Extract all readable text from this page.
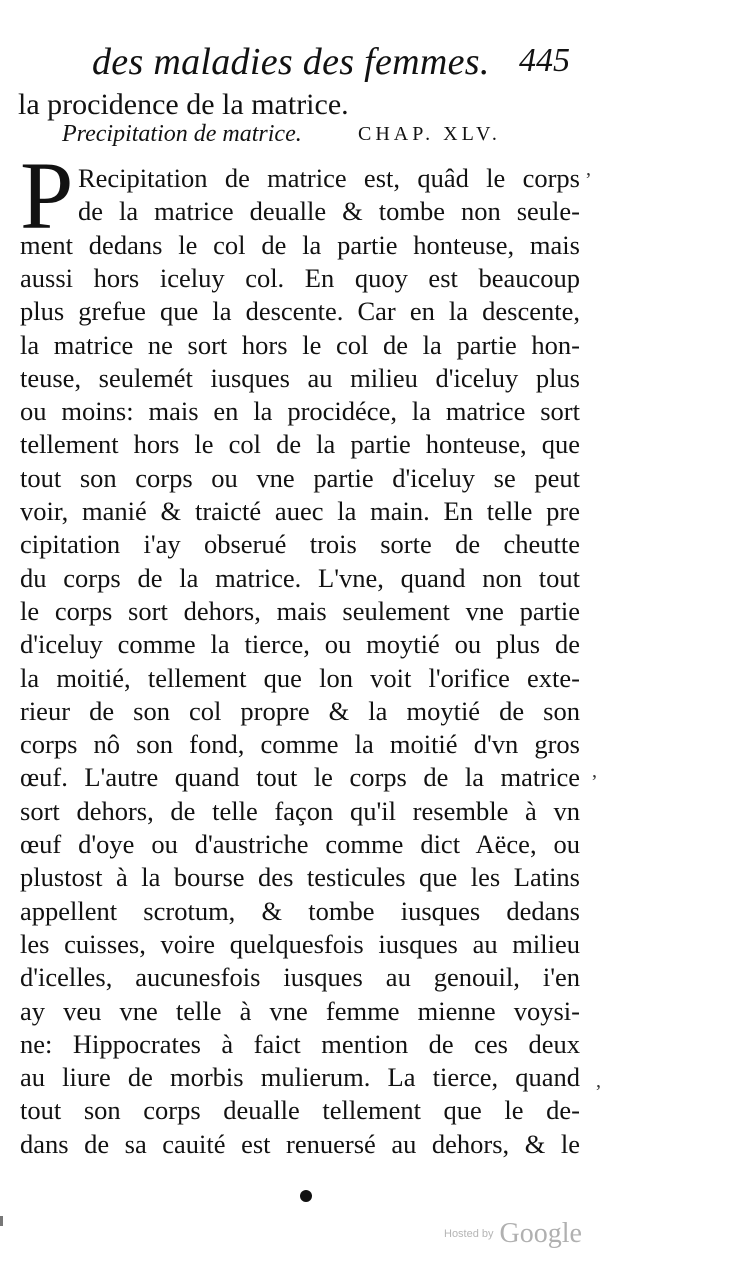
des maladies des femmes. 445
la procidence de la matrice.
Precipitation de matrice.	CHAP. XLV.
P Recipitation de matrice est, quâd le corps
de la matrice deualle & tombe non seule-
ment dedans le col de la partie honteuse, mais
aussi hors iceluy col. En quoy est beaucoup
plus grefue que la descente. Car en la descente,
la matrice ne sort hors le col de la partie hon-
teuse, seulemét iusques au milieu d'iceluy plus
ou moins: mais en la procidéce, la matrice sort
tellement hors le col de la partie honteuse, que
tout son corps ou vne partie d'iceluy se peut
voir, manié & traicté auec la main. En telle pre
cipitation i'ay obserué trois sorte de cheutte
du corps de la matrice. L'vne, quand non tout
le corps sort dehors, mais seulement vne partie
d'iceluy comme la tierce, ou moytié ou plus de
la moitié, tellement que lon voit l'orifice exte-
rieur de son col propre & la moytié de son
corps nô son fond, comme la moitié d'vn gros
œuf. L'autre quand tout le corps de la matrice
sort dehors, de telle façon qu'il resemble à vn
œuf d'oye ou d'austriche comme dict Aëce, ou
plustost à la bourse des testicules que les Latins
appellent scrotum, & tombe iusques dedans
les cuisses, voire quelquesfois iusques au milieu
d'icelles, aucunesfois iusques au genouil, i'en
ay veu vne telle à vne femme mienne voysi-
ne: Hippocrates à faict mention de ces deux
au liure de morbis mulierum. La tierce, quand
tout son corps deualle tellement que le de-
dans de sa cauité est renuersé au dehors, & le
,
,
,
Hosted by Google
